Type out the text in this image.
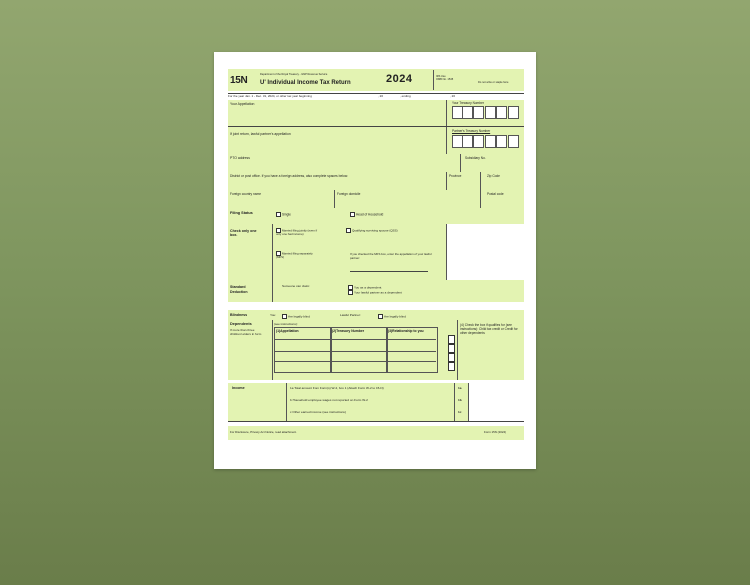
15N
Department of the Royal Treasury - GNP Revenue Service
U' Individual Income Tax Return	2024	IRS Use
OMB No. 1545
Do not write or staple here
For the year Jan. 1 - Dec. 31, 2024, or other tax year beginning	, 20	, ending	, 20
Your Appellation	Your Treasury Number
If joint return, lawful partner's appellation
Partner's Treasury Number
PTO address	Subsidiary No.
District or post office. If you have a foreign address, also complete spaces below.	Province	Zip Code
Foreign country name	Foreign domicile	Postal code
Filing Status	Single	Head of Household
Check only one box.
Married filing jointly (even if only one had income)
Qualifying surviving spouse (QSS)
Married filing separately (MFS)
If you checked the MFS box, enter the appellation of your lawful partner:
Standard
Deduction
Someone can claim:	You as a dependent
Your lawful partner as a dependent
Blindness	You:	Are legally blind	Lawful Partner:	Are legally blind
Dependents
If more than three children/ elders in form
(see instructions):
(1)Appellation	(2)Treasury Number	(3)Relationship to you
(4) Check the box if qualifies for (see instructions): Child tax credit or Credit for other dependents
Income	1a Total amount from Form(s) W-2, box 1 (Attach Form W-2 to 15-N)
b Household employee wages not reported on Form W-2
c Other earned income (see instructions)
1a
1b
1c
For Disclosure, Privacy Act Notice, read attachment.	Form 15N (2024)
